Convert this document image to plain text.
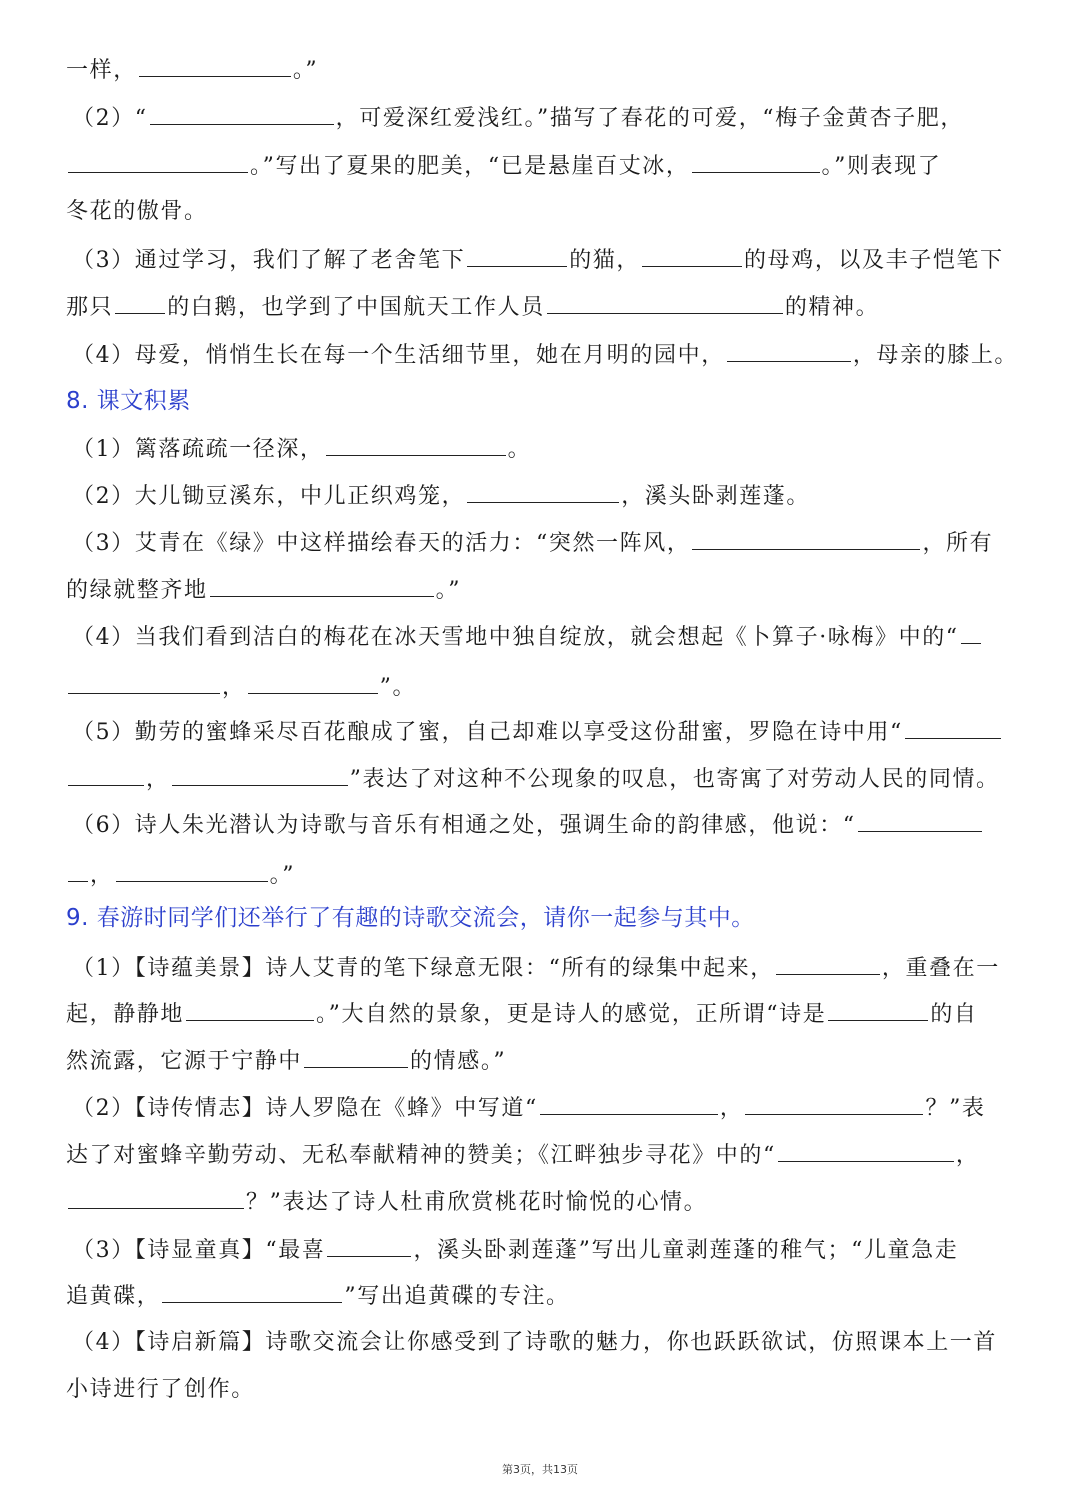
一样，	。”
（2）“	，可爱深红爱浅红。”描写了春花的可爱，“梅子金黄杏子肥，
。”写出了夏果的肥美，“已是悬崖百丈冰，	。”则表现了
冬花的傲骨。
（3）通过学习，我们了解了老舍笔下	的猫，	的母鸡，以及丰子恺笔下
那只 的白鹅，也学到了中国航天工作人员	的精神。
（4）母爱，悄悄生长在每一个生活细节里，她在月明的园中，	，母亲的膝上。
8. 课文积累
（1）篱落疏疏一径深，	。
（2）大儿锄豆溪东，中儿正织鸡笼，	，溪头卧剥莲蓬。
（3）艾青在《绿》中这样描绘春天的活力：“突然一阵风，	，所有
的绿就整齐地	。”
（4）当我们看到洁白的梅花在冰天雪地中独自绽放，就会想起《卜算子·咏梅》中的“
，	”。
（5）勤劳的蜜蜂采尽百花酿成了蜜，自己却难以享受这份甜蜜，罗隐在诗中用“
，	”表达了对这种不公现象的叹息，也寄寓了对劳动人民的同情。
（6）诗人朱光潜认为诗歌与音乐有相通之处，强调生命的韵律感，他说：“
，	。”
9. 春游时同学们还举行了有趣的诗歌交流会，请你一起参与其中。
（1）【诗蕴美景】诗人艾青的笔下绿意无限：“所有的绿集中起来，	，重叠在一
起，静静地	。”大自然的景象，更是诗人的感觉，正所谓“诗是	的自
然流露，它源于宁静中	的情感。”
（2）【诗传情志】诗人罗隐在《蜂》中写道“	，	？”表
达了对蜜蜂辛勤劳动、无私奉献精神的赞美；《江畔独步寻花》中的“	，
？”表达了诗人杜甫欣赏桃花时愉悦的心情。
（3）【诗显童真】“最喜	，溪头卧剥莲蓬”写出儿童剥莲蓬的稚气；“儿童急走
追黄碟，	”写出追黄碟的专注。
（4）【诗启新篇】诗歌交流会让你感受到了诗歌的魅力，你也跃跃欲试，仿照课本上一首
小诗进行了创作。
第3页，共13页
